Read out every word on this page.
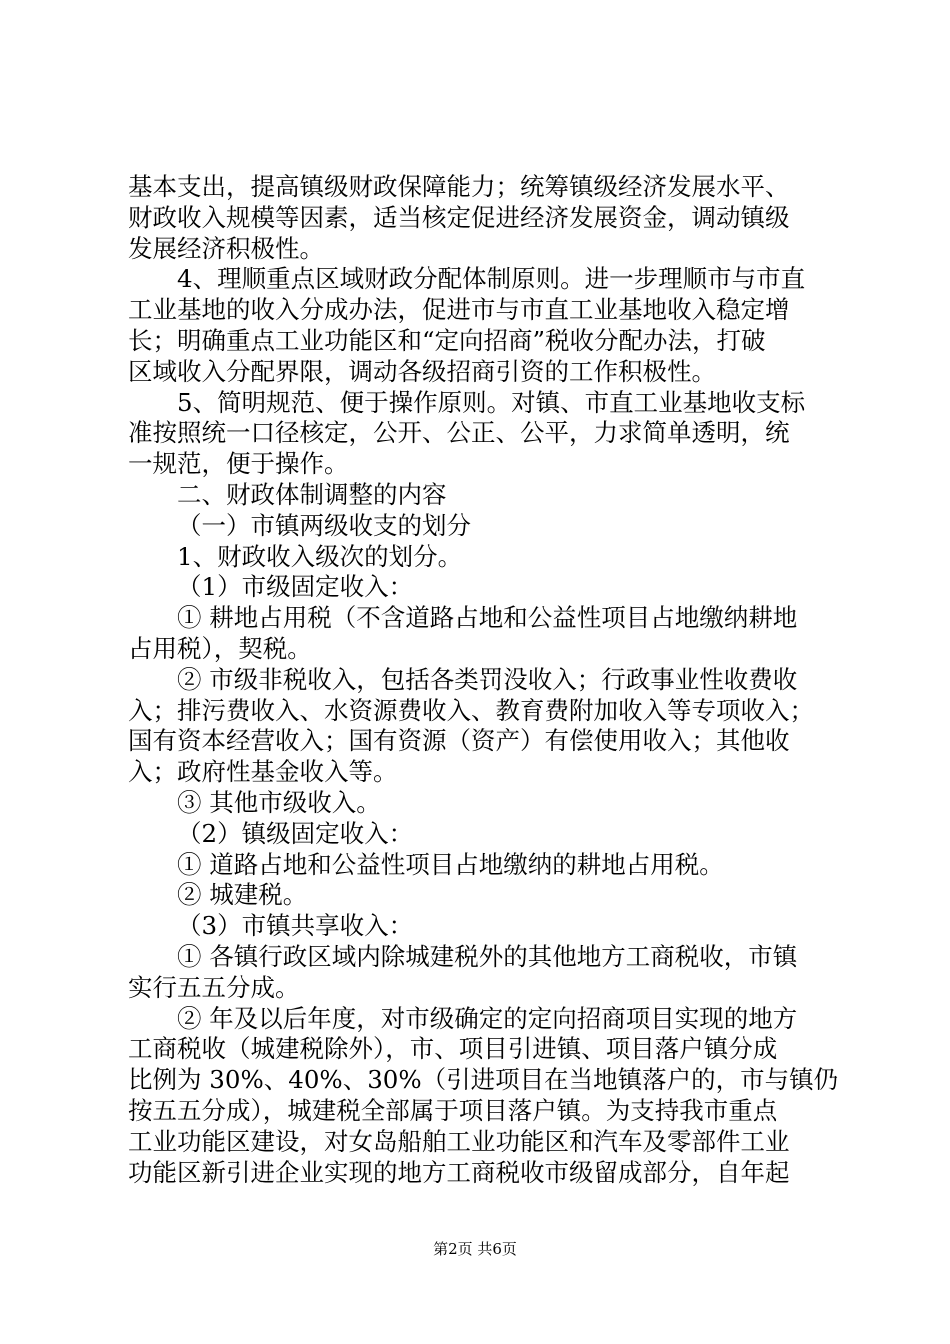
基本支出，提高镇级财政保障能力；统筹镇级经济发展水平、
财政收入规模等因素，适当核定促进经济发展资金，调动镇级
发展经济积极性。
4、理顺重点区域财政分配体制原则。进一步理顺市与市直
工业基地的收入分成办法，促进市与市直工业基地收入稳定增
长；明确重点工业功能区和“定向招商”税收分配办法，打破
区域收入分配界限，调动各级招商引资的工作积极性。
5、简明规范、便于操作原则。对镇、市直工业基地收支标
准按照统一口径核定，公开、公正、公平，力求简单透明，统
一规范，便于操作。
二、财政体制调整的内容
（一）市镇两级收支的划分
1、财政收入级次的划分。
（1）市级固定收入：
① 耕地占用税（不含道路占地和公益性项目占地缴纳耕地
占用税），契税。
② 市级非税收入，包括各类罚没收入；行政事业性收费收
入；排污费收入、水资源费收入、教育费附加收入等专项收入；
国有资本经营收入；国有资源（资产）有偿使用收入；其他收
入；政府性基金收入等。
③ 其他市级收入。
（2）镇级固定收入：
① 道路占地和公益性项目占地缴纳的耕地占用税。
② 城建税。
（3）市镇共享收入：
① 各镇行政区域内除城建税外的其他地方工商税收，市镇
实行五五分成。
② 年及以后年度，对市级确定的定向招商项目实现的地方
工商税收（城建税除外），市、项目引进镇、项目落户镇分成
比例为 30%、40%、30%（引进项目在当地镇落户的，市与镇仍
按五五分成），城建税全部属于项目落户镇。为支持我市重点
工业功能区建设，对女岛船舶工业功能区和汽车及零部件工业
功能区新引进企业实现的地方工商税收市级留成部分，自年起
第2页 共6页
